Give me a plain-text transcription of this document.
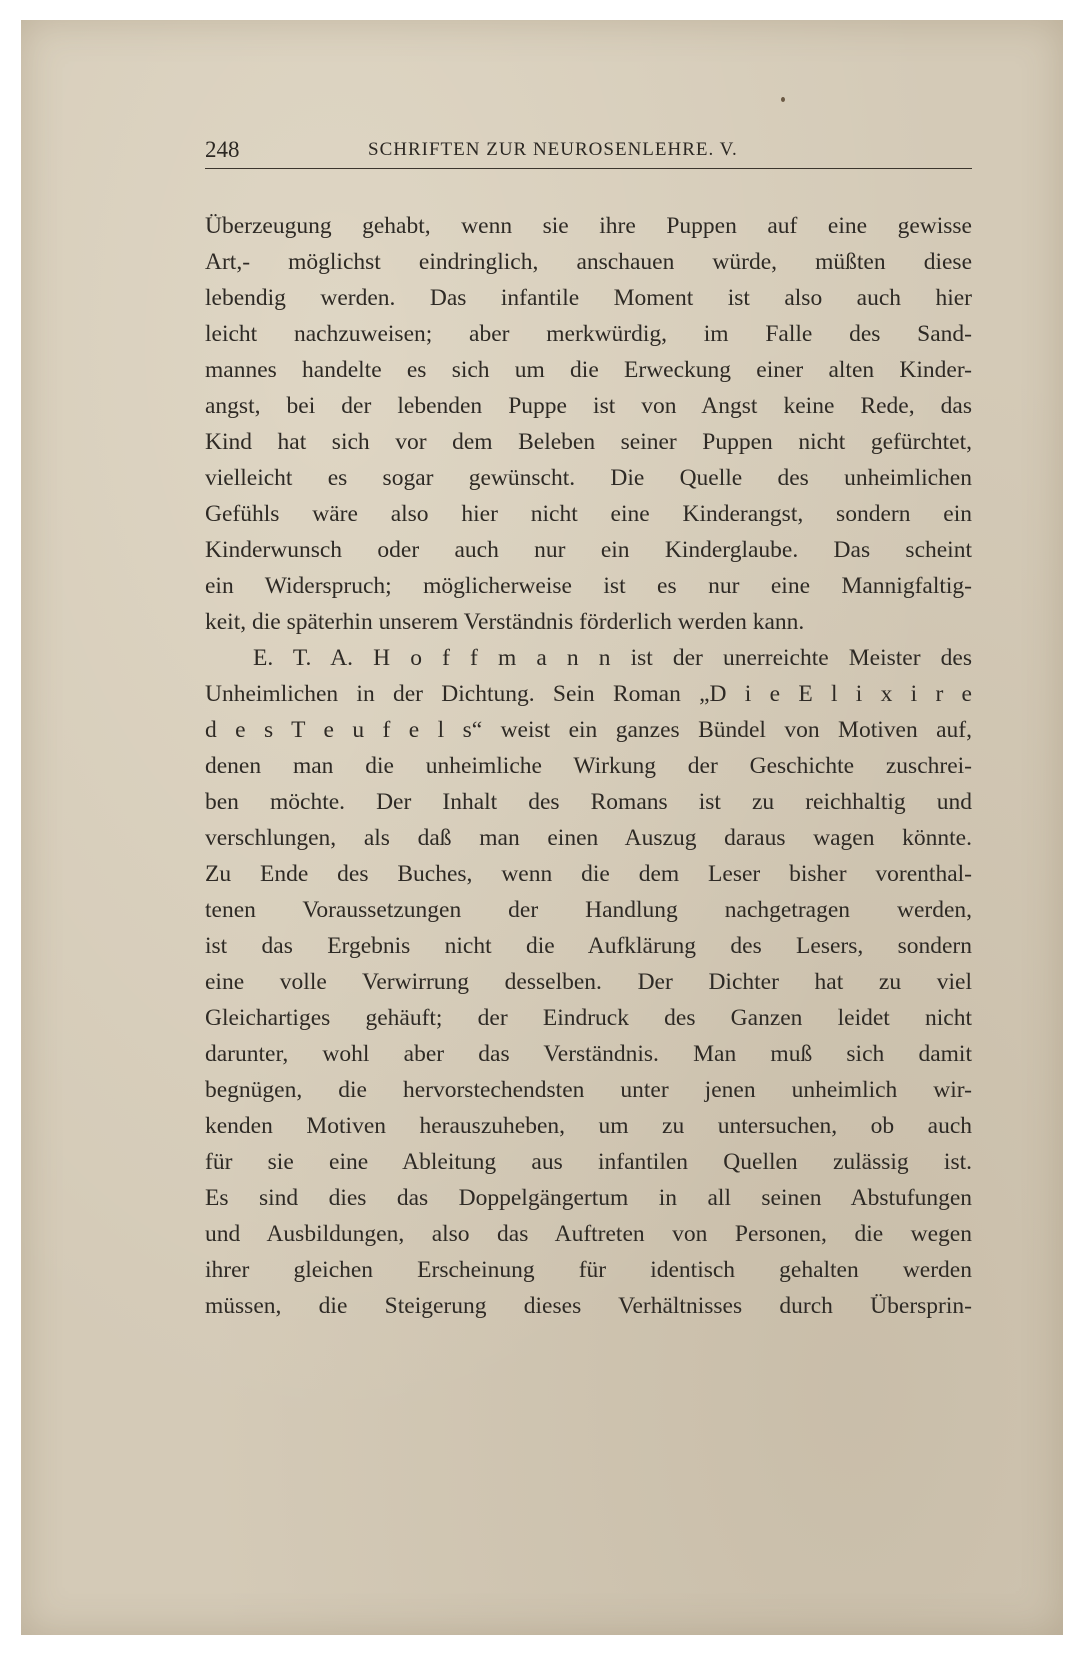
248	SCHRIFTEN ZUR NEUROSENLEHRE. V.
Überzeugung gehabt, wenn sie ihre Puppen auf eine gewisse
Art,- möglichst eindringlich, anschauen würde, müßten diese
lebendig werden. Das infantile Moment ist also auch hier
leicht nachzuweisen; aber merkwürdig, im Falle des Sand-
mannes handelte es sich um die Erweckung einer alten Kinder-
angst, bei der lebenden Puppe ist von Angst keine Rede, das
Kind hat sich vor dem Beleben seiner Puppen nicht gefürchtet,
vielleicht es sogar gewünscht. Die Quelle des unheimlichen
Gefühls wäre also hier nicht eine Kinderangst, sondern ein
Kinderwunsch oder auch nur ein Kinderglaube. Das scheint
ein Widerspruch; möglicherweise ist es nur eine Mannigfaltig-
keit, die späterhin unserem Verständnis förderlich werden kann.
E. T. A. H o f f m a n n ist der unerreichte Meister des
Unheimlichen in der Dichtung. Sein Roman „D i e E l i x i r e
d e s T e u f e l s“ weist ein ganzes Bündel von Motiven auf,
denen man die unheimliche Wirkung der Geschichte zuschrei-
ben möchte. Der Inhalt des Romans ist zu reichhaltig und
verschlungen, als daß man einen Auszug daraus wagen könnte.
Zu Ende des Buches, wenn die dem Leser bisher vorenthal-
tenen Voraussetzungen der Handlung nachgetragen werden,
ist das Ergebnis nicht die Aufklärung des Lesers, sondern
eine volle Verwirrung desselben. Der Dichter hat zu viel
Gleichartiges gehäuft; der Eindruck des Ganzen leidet nicht
darunter, wohl aber das Verständnis. Man muß sich damit
begnügen, die hervorstechendsten unter jenen unheimlich wir-
kenden Motiven herauszuheben, um zu untersuchen, ob auch
für sie eine Ableitung aus infantilen Quellen zulässig ist.
Es sind dies das Doppelgängertum in all seinen Abstufungen
und Ausbildungen, also das Auftreten von Personen, die wegen
ihrer gleichen Erscheinung für identisch gehalten werden
müssen, die Steigerung dieses Verhältnisses durch Übersprin-
